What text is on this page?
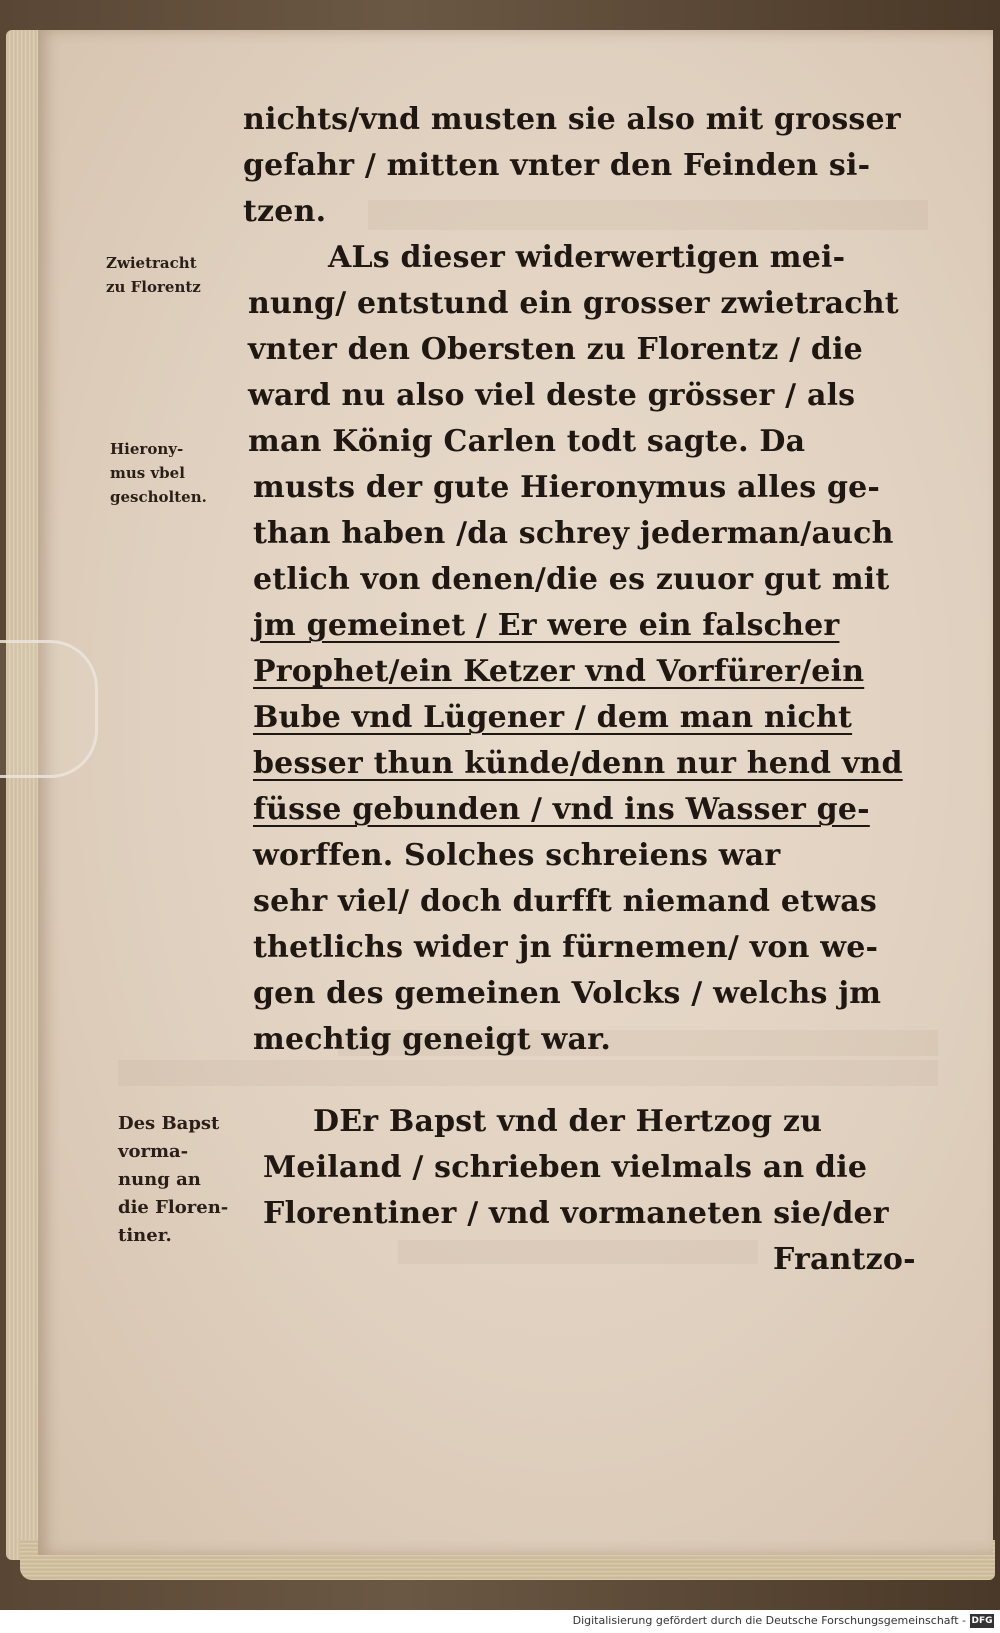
nichts/vnd musten sie also mit grosser
gefahr / mitten vnter den Feinden si-
tzen.
ALs dieser widerwertigen mei-
nung/ entstund ein grosser zwietracht
vnter den Obersten zu Florentz / die
ward nu also viel deste grösser / als
man König Carlen todt sagte. Da
musts der gute Hieronymus alles ge-
than haben /da schrey jederman/auch
etlich von denen/die es zuuor gut mit
jm gemeinet / Er were ein falscher
Prophet/ein Ketzer vnd Vorfürer/ein
Bube vnd Lügener / dem man nicht
besser thun künde/denn nur hend vnd
füsse gebunden / vnd ins Wasser ge-
worffen. Solches schreiens war
sehr viel/ doch durfft niemand etwas
thetlichs wider jn fürnemen/ von we-
gen des gemeinen Volcks / welchs jm
mechtig geneigt war.
DEr Bapst vnd der Hertzog zu
Meiland / schrieben vielmals an die
Florentiner / vnd vormaneten sie/der
Frantzo-
Zwietracht
zu Florentz
Hierony-
mus vbel
gescholten.
Des Bapst
vorma-
nung an
die Floren-
tiner.
Digitalisierung gefördert durch die Deutsche Forschungsgemeinschaft - DFG
